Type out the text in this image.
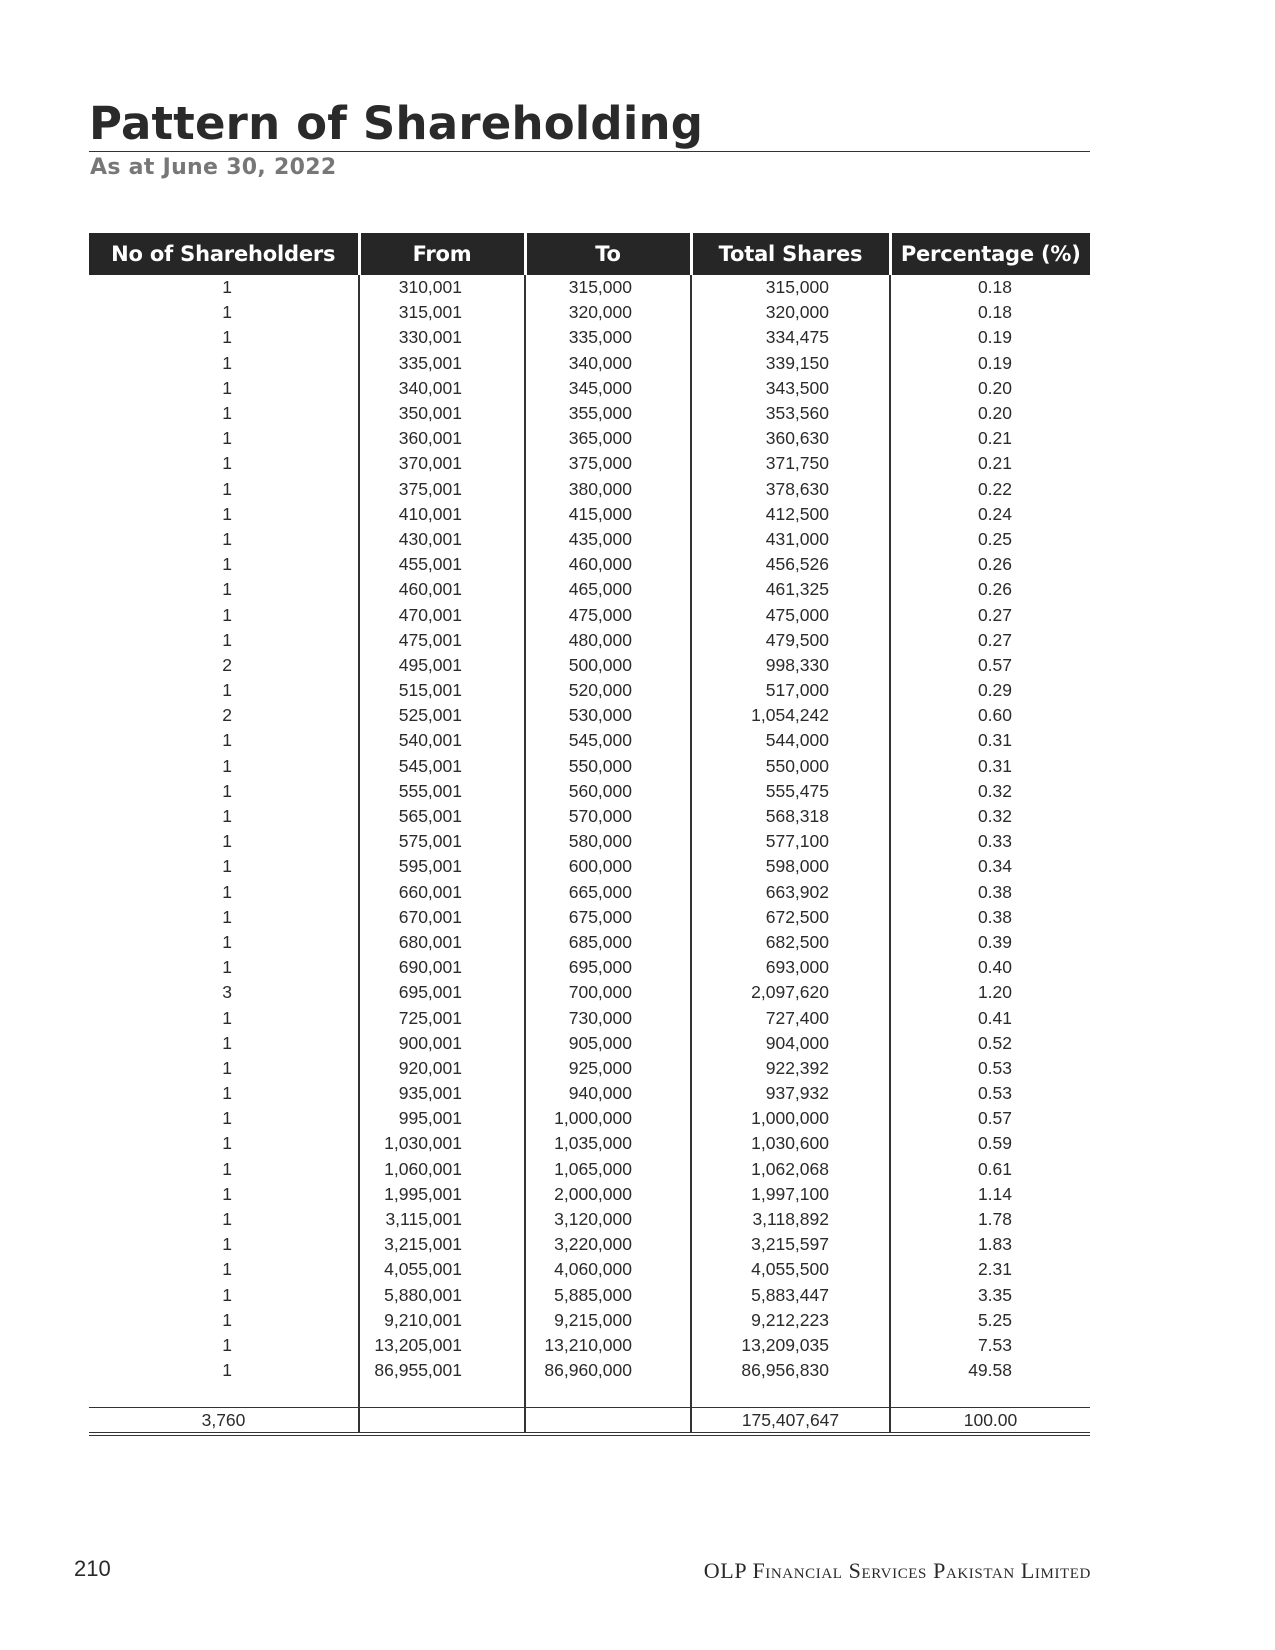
Pattern of Shareholding
As at June 30, 2022
No of Shareholders	From	To	Total Shares	Percentage (%)
1	310,001	315,000	315,000	0.18
1	315,001	320,000	320,000	0.18
1	330,001	335,000	334,475	0.19
1	335,001	340,000	339,150	0.19
1	340,001	345,000	343,500	0.20
1	350,001	355,000	353,560	0.20
1	360,001	365,000	360,630	0.21
1	370,001	375,000	371,750	0.21
1	375,001	380,000	378,630	0.22
1	410,001	415,000	412,500	0.24
1	430,001	435,000	431,000	0.25
1	455,001	460,000	456,526	0.26
1	460,001	465,000	461,325	0.26
1	470,001	475,000	475,000	0.27
1	475,001	480,000	479,500	0.27
2	495,001	500,000	998,330	0.57
1	515,001	520,000	517,000	0.29
2	525,001	530,000	1,054,242	0.60
1	540,001	545,000	544,000	0.31
1	545,001	550,000	550,000	0.31
1	555,001	560,000	555,475	0.32
1	565,001	570,000	568,318	0.32
1	575,001	580,000	577,100	0.33
1	595,001	600,000	598,000	0.34
1	660,001	665,000	663,902	0.38
1	670,001	675,000	672,500	0.38
1	680,001	685,000	682,500	0.39
1	690,001	695,000	693,000	0.40
3	695,001	700,000	2,097,620	1.20
1	725,001	730,000	727,400	0.41
1	900,001	905,000	904,000	0.52
1	920,001	925,000	922,392	0.53
1	935,001	940,000	937,932	0.53
1	995,001	1,000,000	1,000,000	0.57
1	1,030,001	1,035,000	1,030,600	0.59
1	1,060,001	1,065,000	1,062,068	0.61
1	1,995,001	2,000,000	1,997,100	1.14
1	3,115,001	3,120,000	3,118,892	1.78
1	3,215,001	3,220,000	3,215,597	1.83
1	4,055,001	4,060,000	4,055,500	2.31
1	5,880,001	5,885,000	5,883,447	3.35
1	9,210,001	9,215,000	9,212,223	5.25
1	13,205,001	13,210,000	13,209,035	7.53
1	86,955,001	86,960,000	86,956,830	49.58

3,760			175,407,647	100.00
210	OLP Financial Services Pakistan Limited
